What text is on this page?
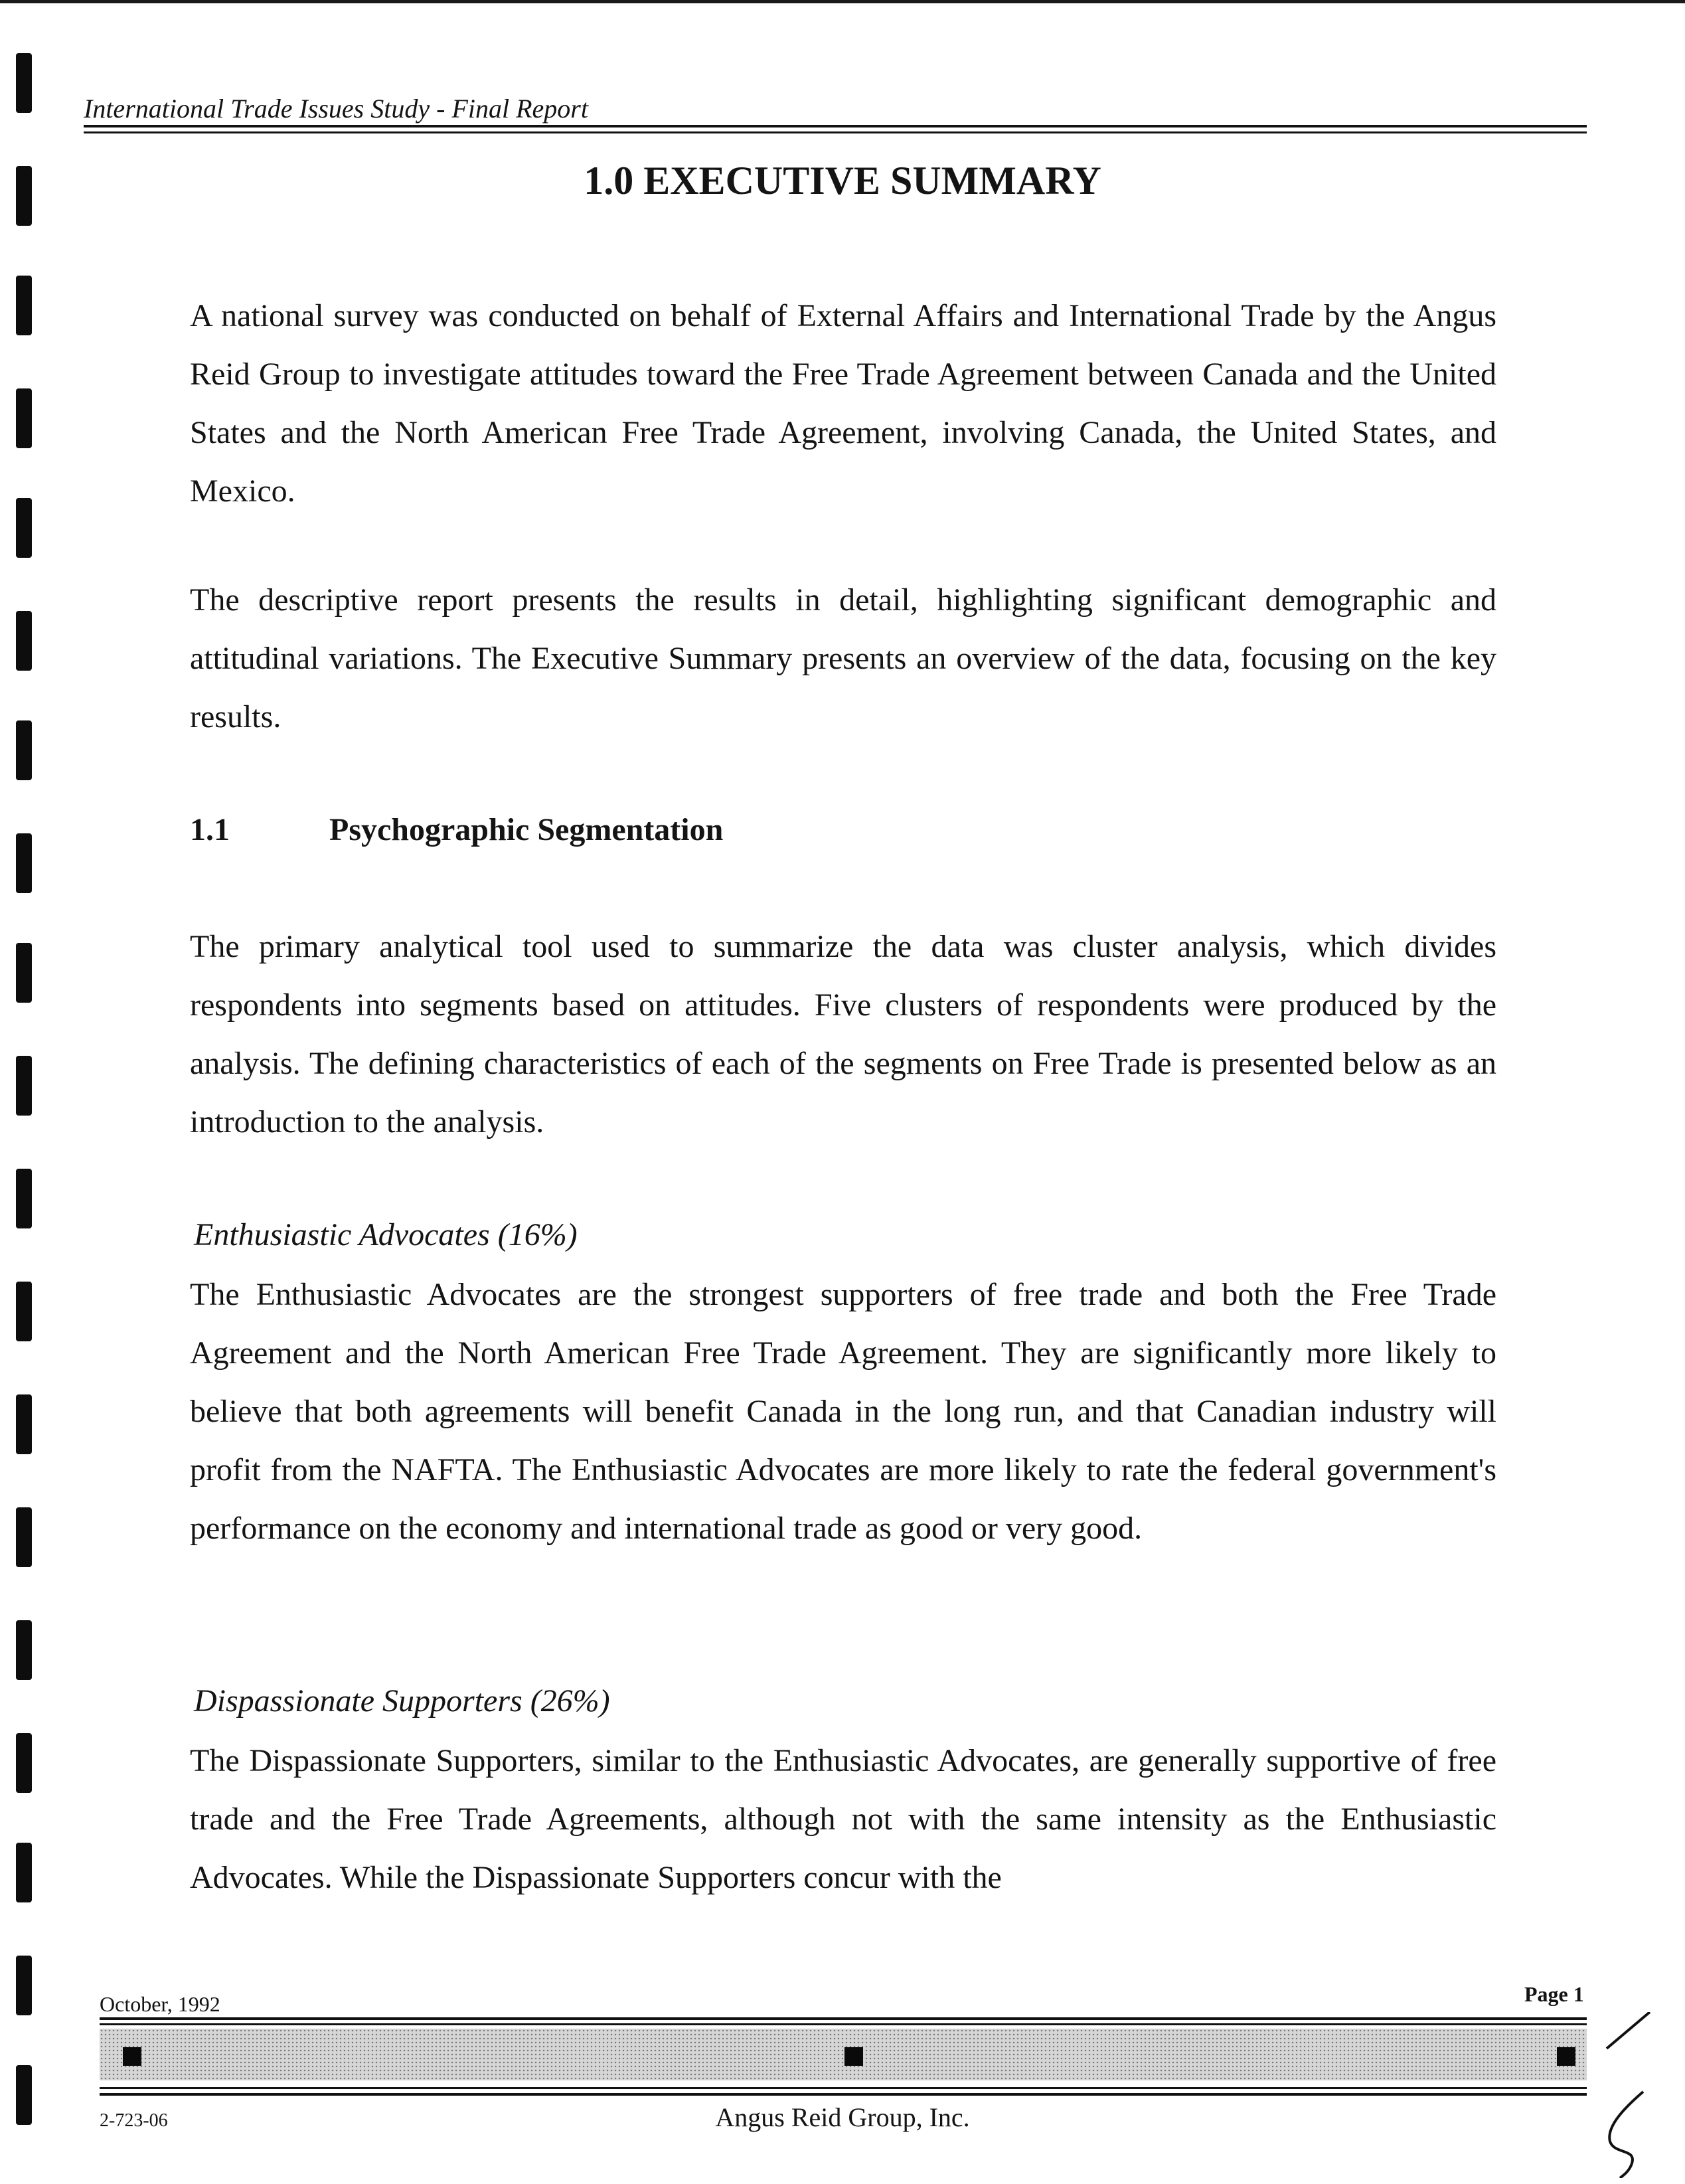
International Trade Issues Study - Final Report
1.0 EXECUTIVE SUMMARY

A national survey was conducted on behalf of External Affairs and International Trade by the Angus Reid Group to investigate attitudes toward the Free Trade Agreement between Canada and the United States and the North American Free Trade Agreement, involving Canada, the United States, and Mexico.

The descriptive report presents the results in detail, highlighting significant demographic and attitudinal variations. The Executive Summary presents an overview of the data, focusing on the key results.

1.1	Psychographic Segmentation

The primary analytical tool used to summarize the data was cluster analysis, which divides respondents into segments based on attitudes. Five clusters of respondents were produced by the analysis. The defining characteristics of each of the segments on Free Trade is presented below as an introduction to the analysis.

Enthusiastic Advocates (16%)

The Enthusiastic Advocates are the strongest supporters of free trade and both the Free Trade Agreement and the North American Free Trade Agreement. They are significantly more likely to believe that both agreements will benefit Canada in the long run, and that Canadian industry will profit from the NAFTA. The Enthusiastic Advocates are more likely to rate the federal government's performance on the economy and international trade as good or very good.

Dispassionate Supporters (26%)

The Dispassionate Supporters, similar to the Enthusiastic Advocates, are generally supportive of free trade and the Free Trade Agreements, although not with the same intensity as the Enthusiastic Advocates. While the Dispassionate Supporters concur with the

October, 1992	Page 1
2-723-06	Angus Reid Group, Inc.
